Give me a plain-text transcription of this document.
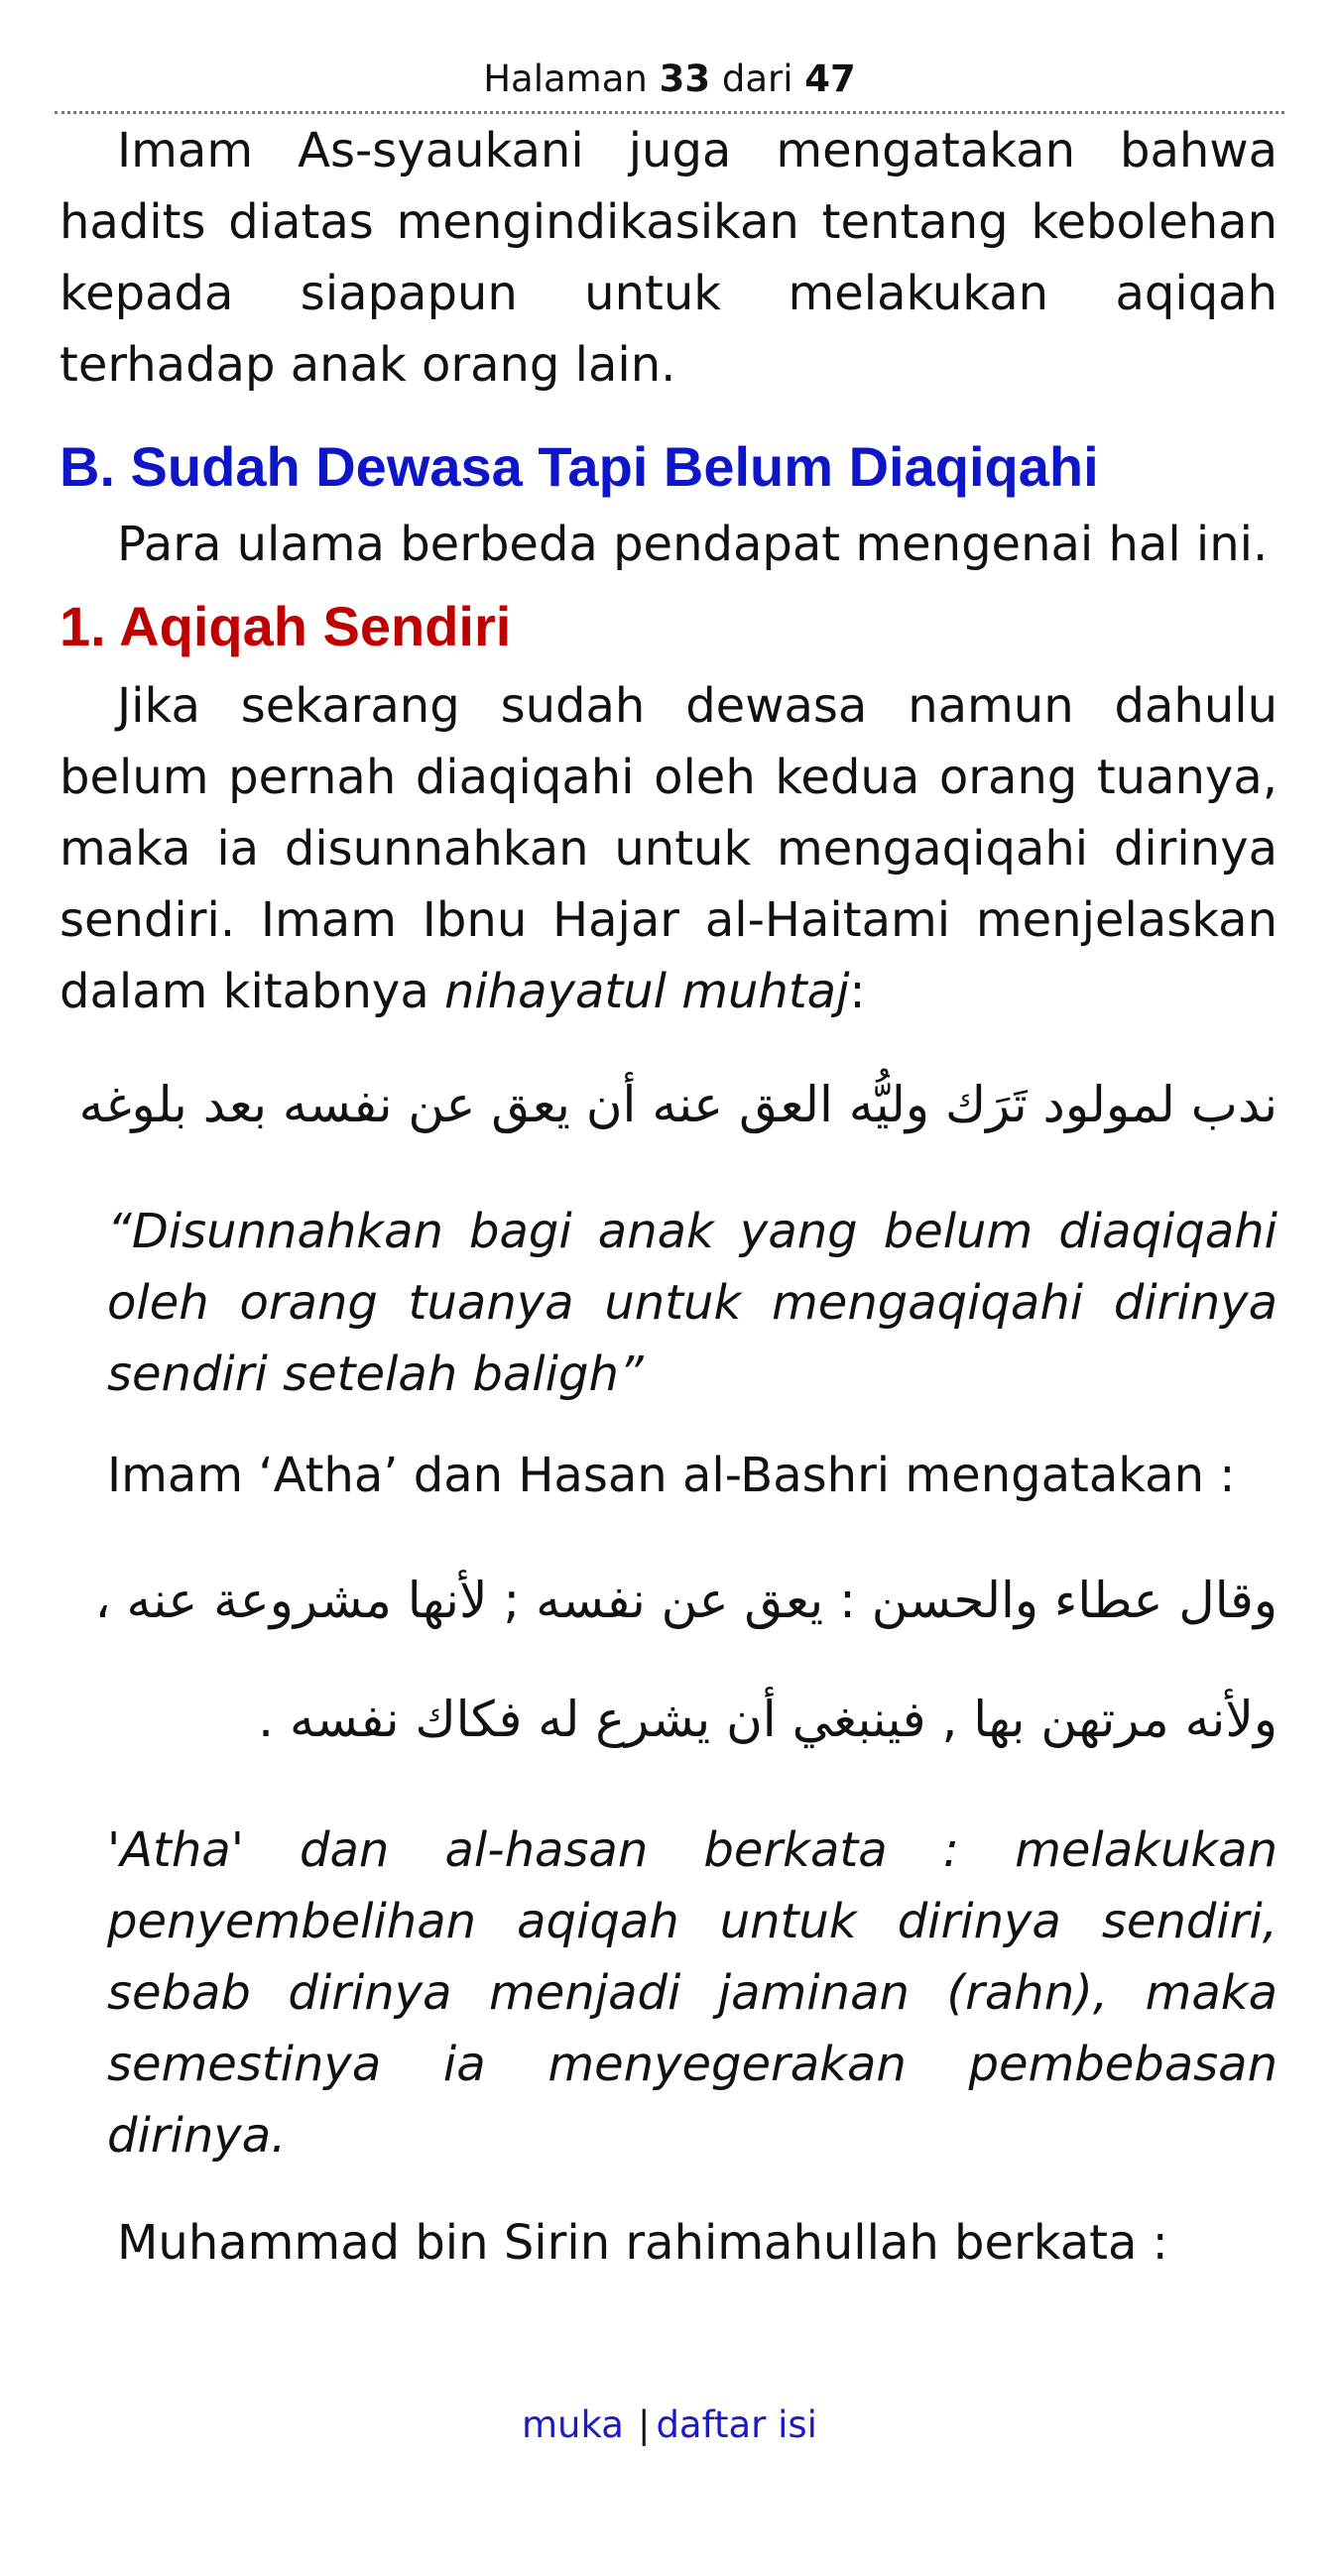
Halaman 33 dari 47

Imam As-syaukani juga mengatakan bahwa hadits diatas mengindikasikan tentang kebolehan kepada siapapun untuk melakukan aqiqah terhadap anak orang lain.

B. Sudah Dewasa Tapi Belum Diaqiqahi

Para ulama berbeda pendapat mengenai hal ini.

1. Aqiqah Sendiri

Jika sekarang sudah dewasa namun dahulu belum pernah diaqiqahi oleh kedua orang tuanya, maka ia disunnahkan untuk mengaqiqahi dirinya sendiri. Imam Ibnu Hajar al-Haitami menjelaskan dalam kitabnya nihayatul muhtaj:

ندب لمولود تَرَك وليُّه العق عنه أن يعق عن نفسه بعد بلوغه

“Disunnahkan bagi anak yang belum diaqiqahi oleh orang tuanya untuk mengaqiqahi dirinya sendiri setelah baligh”

Imam ‘Atha’ dan Hasan al-Bashri mengatakan :

وقال عطاء والحسن : يعق عن نفسه ; لأنها مشروعة عنه ،

ولأنه مرتهن بها , فينبغي أن يشرع له فكاك نفسه .

'Atha' dan al-hasan berkata : melakukan penyembelihan aqiqah untuk dirinya sendiri, sebab dirinya menjadi jaminan (rahn), maka semestinya ia menyegerakan pembebasan dirinya.

Muhammad bin Sirin rahimahullah berkata :

muka | daftar isi
